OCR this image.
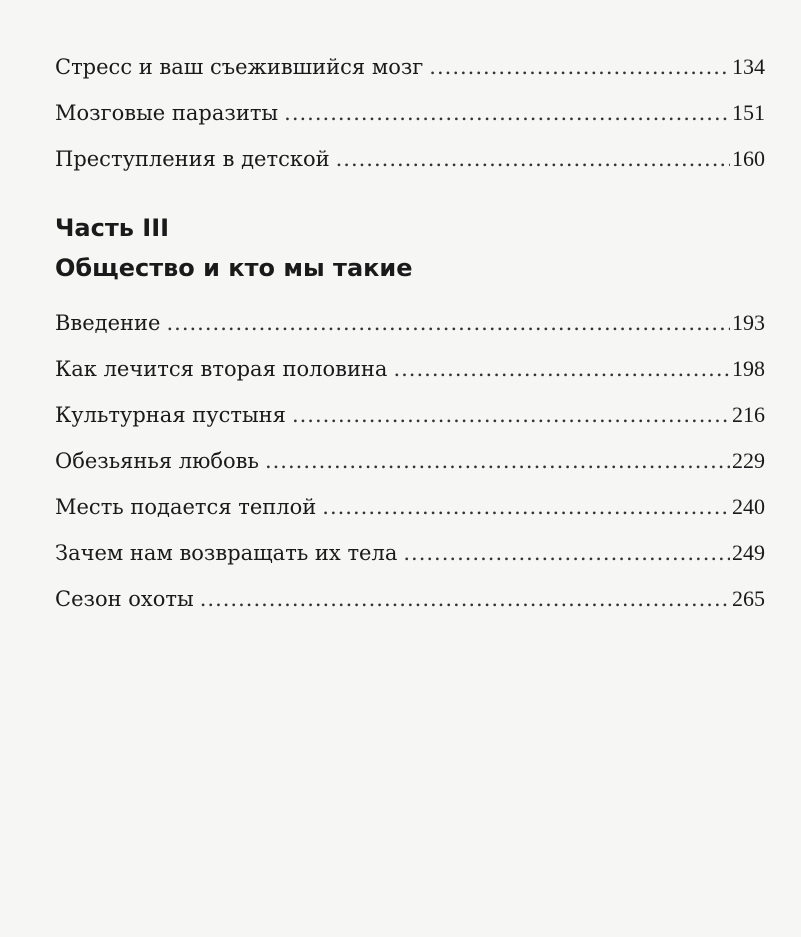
Стресс и ваш съежившийся мозг .....	134
Мозговые паразиты .....	151
Преступления в детской .....	160
Часть III
Общество и кто мы такие
Введение .....	193
Как лечится вторая половина .....	198
Культурная пустыня .....	216
Обезьянья любовь .....	229
Месть подается теплой .....	240
Зачем нам возвращать их тела .....	249
Сезон охоты .....	265
